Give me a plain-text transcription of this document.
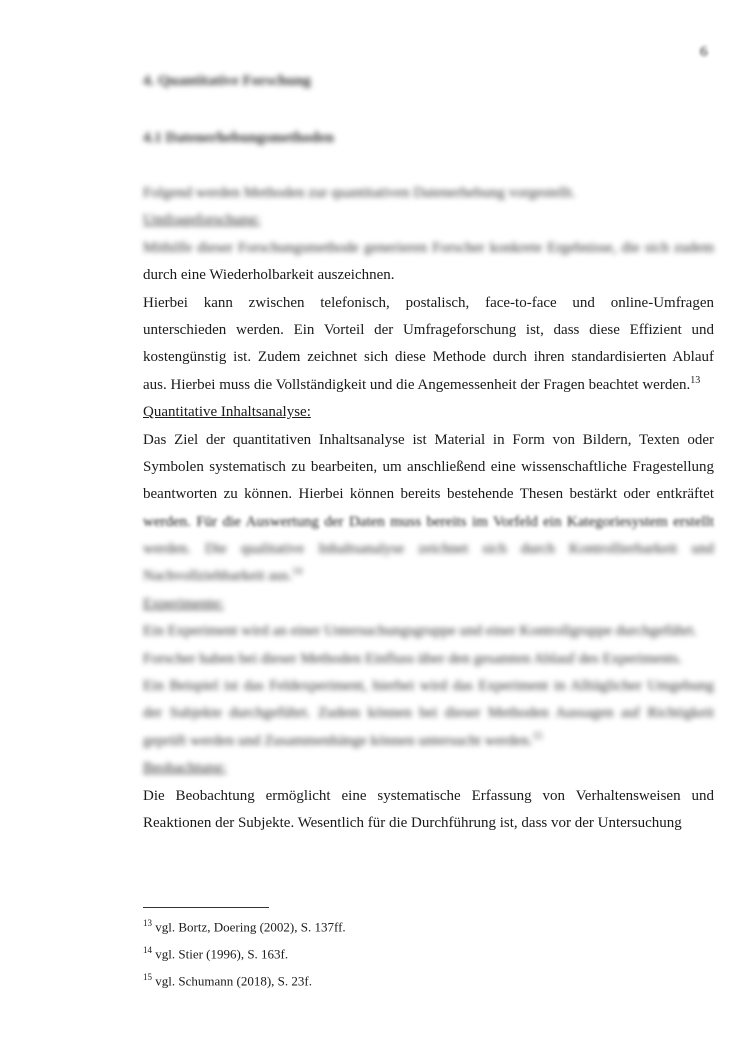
6
4. Quantitative Forschung
4.1 Datenerhebungsmethoden
Folgend werden Methoden zur quantitativen Datenerhebung vorgestellt.
Umfrageforschung:
Mithilfe dieser Forschungsmethode generieren Forscher konkrete Ergebnisse, die sich zudem
durch eine Wiederholbarkeit auszeichnen.
Hierbei kann zwischen telefonisch, postalisch, face-to-face und online-Umfragen
unterschieden werden. Ein Vorteil der Umfrageforschung ist, dass diese Effizient und
kostengünstig ist. Zudem zeichnet sich diese Methode durch ihren standardisierten Ablauf
aus. Hierbei muss die Vollständigkeit und die Angemessenheit der Fragen beachtet werden.$^{13}$
Quantitative Inhaltsanalyse:
Das Ziel der quantitativen Inhaltsanalyse ist Material in Form von Bildern, Texten oder
Symbolen systematisch zu bearbeiten, um anschließend eine wissenschaftliche Fragestellung
beantworten zu können. Hierbei können bereits bestehende Thesen bestärkt oder entkräftet
werden. Für die Auswertung der Daten muss bereits im Vorfeld ein Kategoriesystem erstellt
werden. Die qualitative Inhaltsanalyse zeichnet sich durch Kontrollierbarkeit und
Nachvollziehbarkeit aus.$^{14}$
Experimente:
Ein Experiment wird an einer Untersuchungsgruppe und einer Kontrollgruppe durchgeführt.
Forscher haben bei dieser Methoden Einfluss über den gesamten Ablauf des Experiments.
Ein Beispiel ist das Feldexperiment, hierbei wird das Experiment in Alltäglicher Umgebung
der Subjekte durchgeführt. Zudem können bei dieser Methoden Aussagen auf Richtigkeit
geprüft werden und Zusammenhänge können untersucht werden.$^{15}$
Beobachtung:
Die Beobachtung ermöglicht eine systematische Erfassung von Verhaltensweisen und
Reaktionen der Subjekte. Wesentlich für die Durchführung ist, dass vor der Untersuchung
$^{13}$ vgl. Bortz, Doering (2002), S. 137ff.
$^{14}$ vgl. Stier (1996), S. 163f.
$^{15}$ vgl. Schumann (2018), S. 23f.
